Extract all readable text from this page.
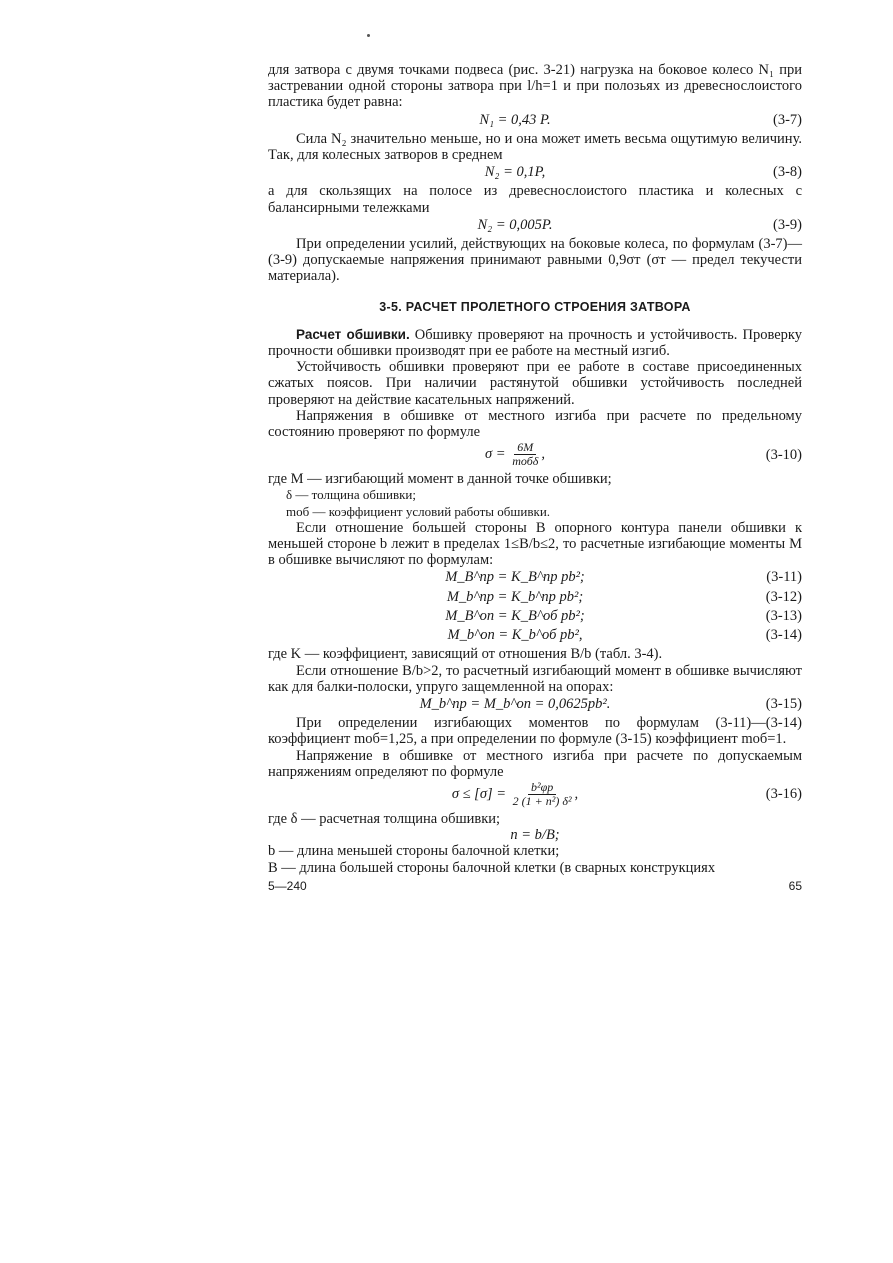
для затвора с двумя точками подвеса (рис. 3-21) нагрузка на боковое колесо N₁ при застревании одной стороны затвора при l/h=1 и при полозьях из древеснослоистого пластика будет равна:

N₁ = 0,43 P.	(3-7)

Сила N₂ значительно меньше, но и она может иметь весьма ощутимую величину. Так, для колесных затворов в среднем

N₂ = 0,1P,	(3-8)

а для скользящих на полосе из древеснослоистого пластика и колесных с балансирными тележками

N₂ = 0,005P.	(3-9)

При определении усилий, действующих на боковые колеса, по формулам (3-7)—(3-9) допускаемые напряжения принимают равными 0,9σт (σт — предел текучести материала).

3-5. РАСЧЕТ ПРОЛЕТНОГО СТРОЕНИЯ ЗАТВОРА

Расчет обшивки. Обшивку проверяют на прочность и устойчивость. Проверку прочности обшивки производят при ее работе на местный изгиб.

Устойчивость обшивки проверяют при ее работе в составе присоединенных сжатых поясов. При наличии растянутой обшивки устойчивость последней проверяют на действие касательных напряжений.

Напряжения в обшивке от местного изгиба при расчете по предельному состоянию проверяют по формуле

$\sigma = \frac{6M}{\text{mобδ}}$ ,	(3-10)

где M — изгибающий момент в данной точке обшивки;

δ — толщина обшивки;

mоб — коэффициент условий работы обшивки.

Если отношение большей стороны B опорного контура панели обшивки к меньшей стороне b лежит в пределах 1≤B/b≤2, то расчетные изгибающие моменты M в обшивке вычисляют по формулам:

M_B^пр = K_B^пр pb²;	(3-11)
M_b^пр = K_b^пр pb²;	(3-12)
M_B^оп = K_B^об pb²;	(3-13)
M_b^оп = K_b^об pb²,	(3-14)

где K — коэффициент, зависящий от отношения B/b (табл. 3-4).

Если отношение B/b>2, то расчетный изгибающий момент в обшивке вычисляют как для балки-полоски, упруго защемленной на опорах:

M_b^пр = M_b^оп = 0,0625pb².	(3-15)

При определении изгибающих моментов по формулам (3-11)—(3-14) коэффициент mоб=1,25, а при определении по формуле (3-15) коэффициент mоб=1.

Напряжение в обшивке от местного изгиба при расчете по допускаемым напряжениям определяют по формуле

$\sigma \le [\sigma] = \frac{\text{b²φp}}{\text{2 (1 + n²) δ²}}$ ,	(3-16)

где δ — расчетная толщина обшивки;

n = b/B;

b — длина меньшей стороны балочной клетки;

B — длина большей стороны балочной клетки (в сварных конструкциях

5—240	65
